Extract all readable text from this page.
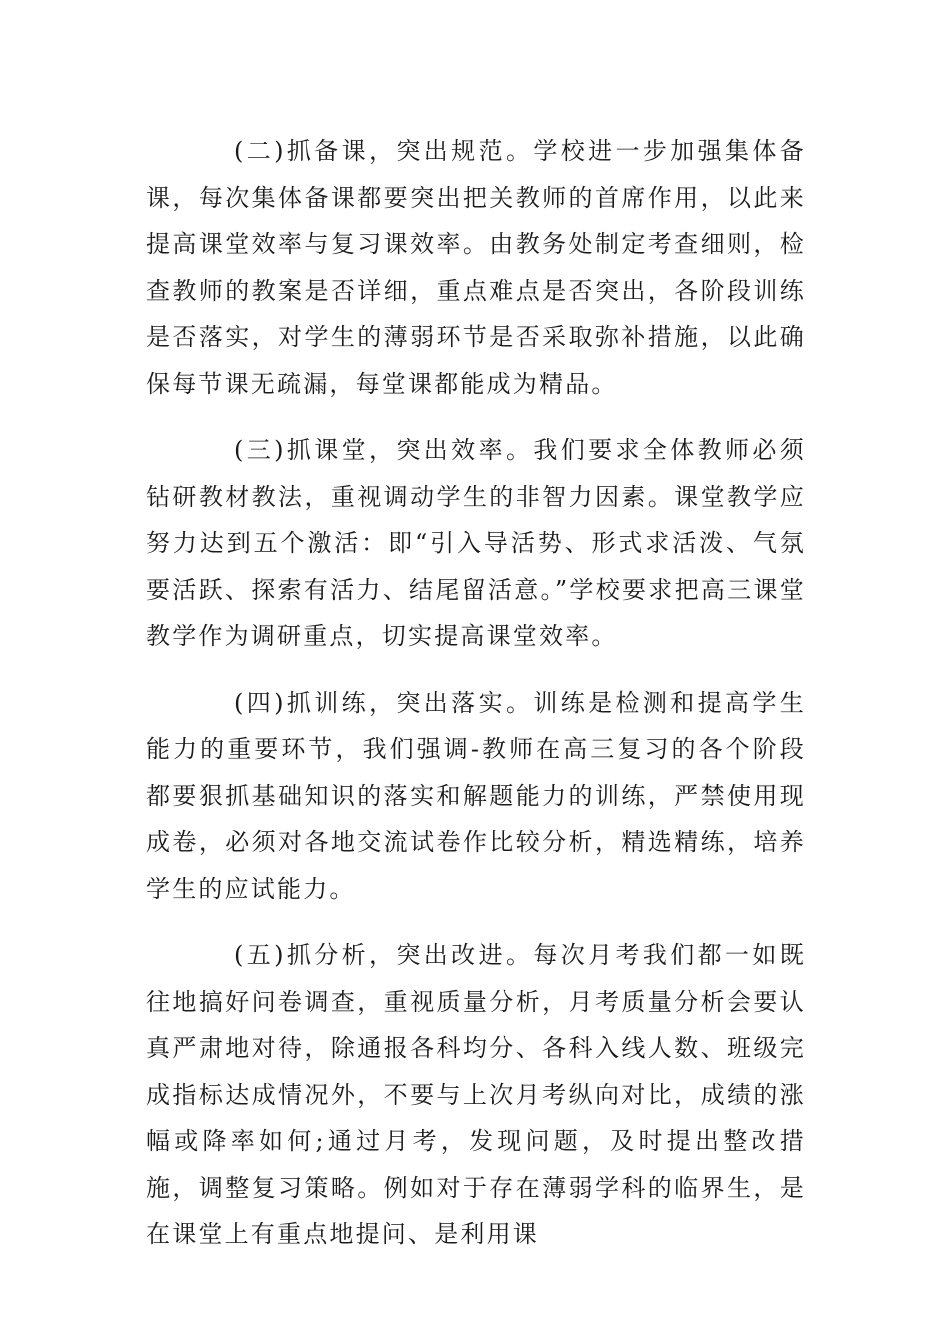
(二)抓备课，突出规范。学校进一步加强集体备课，每次集体备课都要突出把关教师的首席作用，以此来提高课堂效率与复习课效率。由教务处制定考查细则，检查教师的教案是否详细，重点难点是否突出，各阶段训练是否落实，对学生的薄弱环节是否采取弥补措施，以此确保每节课无疏漏，每堂课都能成为精品。

(三)抓课堂，突出效率。我们要求全体教师必须钻研教材教法，重视调动学生的非智力因素。课堂教学应努力达到五个激活：即“引入导活势、形式求活泼、气氛要活跃、探索有活力、结尾留活意。”学校要求把高三课堂教学作为调研重点，切实提高课堂效率。

(四)抓训练，突出落实。训练是检测和提高学生能力的重要环节，我们强调-教师在高三复习的各个阶段都要狠抓基础知识的落实和解题能力的训练，严禁使用现成卷，必须对各地交流试卷作比较分析，精选精练，培养学生的应试能力。

(五)抓分析，突出改进。每次月考我们都一如既往地搞好问卷调查，重视质量分析，月考质量分析会要认真严肃地对待，除通报各科均分、各科入线人数、班级完成指标达成情况外，不要与上次月考纵向对比，成绩的涨幅或降率如何;通过月考，发现问题，及时提出整改措施，调整复习策略。例如对于存在薄弱学科的临界生，是在课堂上有重点地提问、是利用课
